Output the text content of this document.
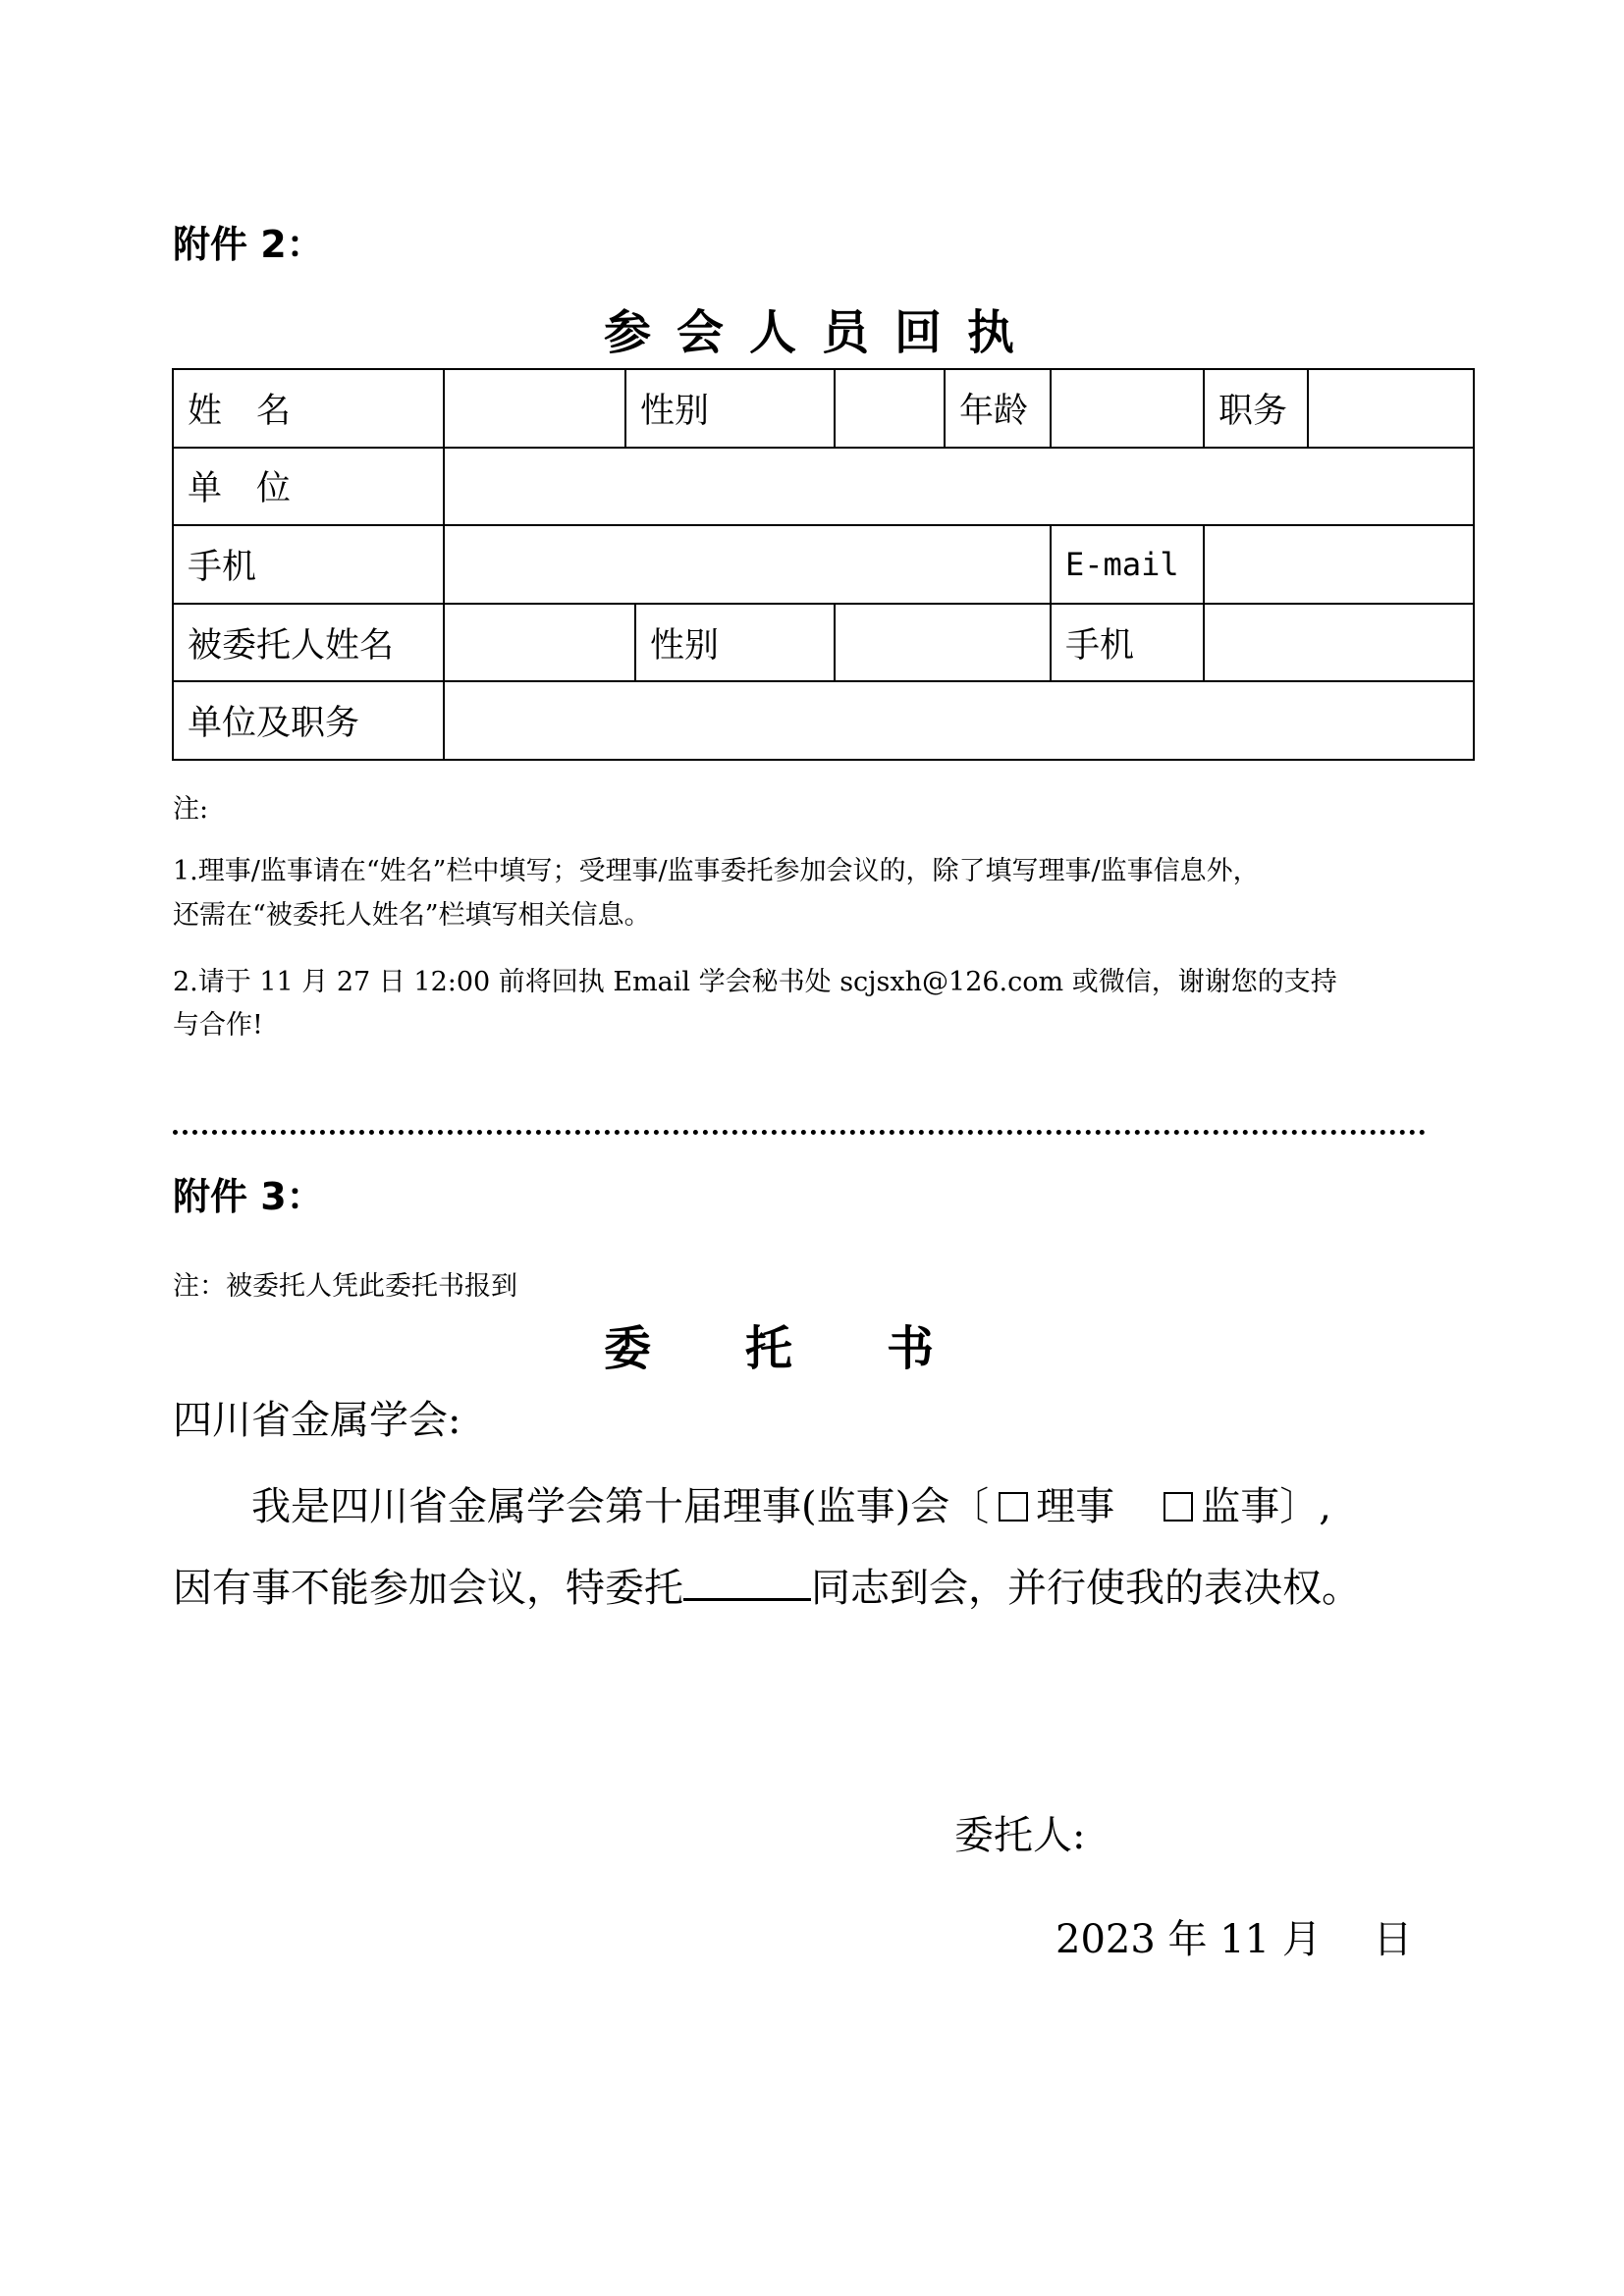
附件 2：
参会人员回执
姓　名		性别			年龄		职务	
单　位								
手机						E-mail		
被委托人姓名			性别			手机		
单位及职务								
注:
1.理事/监事请在“姓名”栏中填写；受理事/监事委托参加会议的，除了填写理事/监事信息外，
还需在“被委托人姓名”栏填写相关信息。
2.请于 11 月 27 日 12:00 前将回执 Email 学会秘书处 scjsxh@126.com 或微信，谢谢您的支持
与合作!
附件 3：
注：被委托人凭此委托书报到
委　　托　　书
四川省金属学会:
我是四川省金属学会第十届理事(监事)会〔 理事 监事〕,
因有事不能参加会议，特委托	同志到会，并行使我的表决权。
委托人:
2023 年 11 月　 日
